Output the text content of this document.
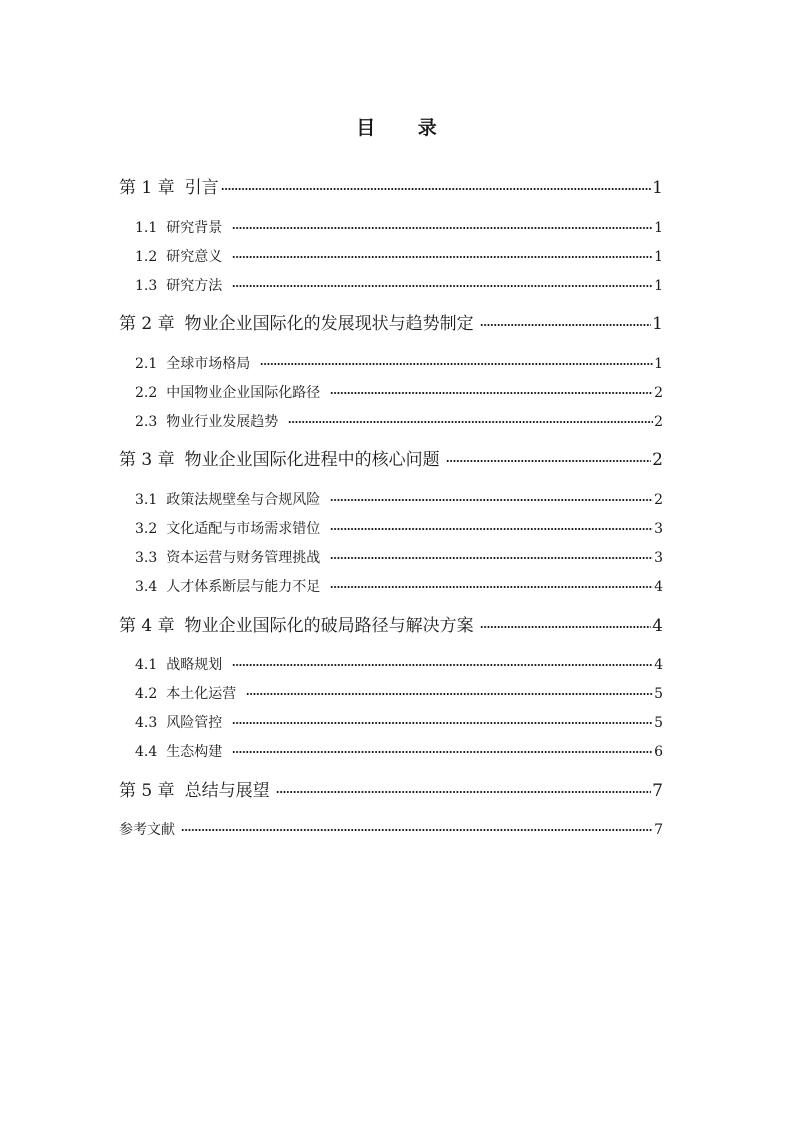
目 录
第 1 章 引言	1
1.1 研究背景	1
1.2 研究意义	1
1.3 研究方法	1
第 2 章 物业企业国际化的发展现状与趋势制定	1
2.1 全球市场格局	1
2.2 中国物业企业国际化路径	2
2.3 物业行业发展趋势	2
第 3 章 物业企业国际化进程中的核心问题	2
3.1 政策法规壁垒与合规风险	2
3.2 文化适配与市场需求错位	3
3.3 资本运营与财务管理挑战	3
3.4 人才体系断层与能力不足	4
第 4 章 物业企业国际化的破局路径与解决方案	4
4.1 战略规划	4
4.2 本土化运营	5
4.3 风险管控	5
4.4 生态构建	6
第 5 章 总结与展望	7
参考文献	7
